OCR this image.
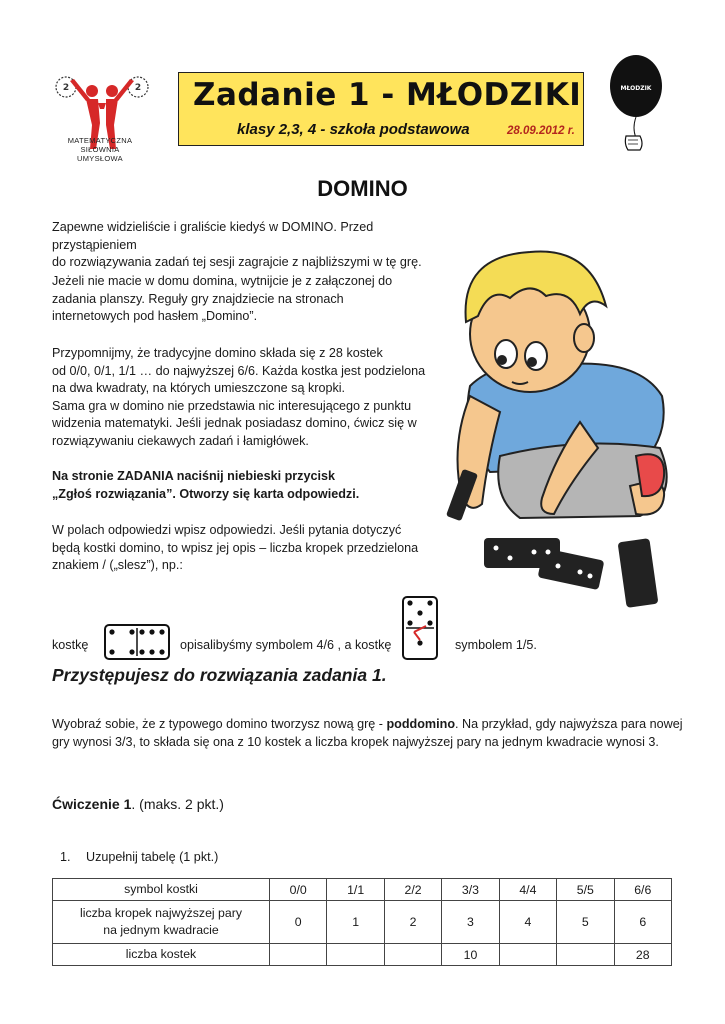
2	2
MATEMATYCZNA
SIŁOWNIA
UMYSŁOWA
Zadanie 1 - MŁODZIKI
klasy 2,3, 4 - szkoła podstawowa	28.09.2012 r.
MŁODZIK
DOMINO

Zapewne widzieliście i graliście kiedyś w DOMINO. Przed przystąpieniem

do rozwiązywania zadań tej sesji zagrajcie z najbliższymi w tę grę.

Jeżeli nie macie w domu domina, wytnijcie je z załączonej do

zadania planszy. Reguły gry znajdziecie na stronach

internetowych pod hasłem „Domino”.

Przypomnijmy, że tradycyjne domino składa się z 28 kostek

od 0/0, 0/1, 1/1 … do najwyższej 6/6. Każda kostka jest podzielona

na dwa kwadraty, na których umieszczone są kropki.

Sama gra w domino nie przedstawia nic interesującego z punktu

widzenia matematyki. Jeśli jednak posiadasz domino, ćwicz się w

rozwiązywaniu ciekawych zadań i łamigłówek.

Na stronie ZADANIA naciśnij niebieski przycisk

„Zgłoś rozwiązania”. Otworzy się karta odpowiedzi.

W polach odpowiedzi wpisz odpowiedzi. Jeśli pytania dotyczyć

będą kostki domino, to wpisz jej opis – liczba kropek przedzielona

znakiem / („slesz”), np.:

kostkę	opisalibyśmy symbolem 4/6 , a kostkę	symbolem 1/5.
Przystępujesz do rozwiązania zadania 1.
Wyobraź sobie, że z typowego domino tworzysz nową grę - poddomino. Na przykład, gdy najwyższa para nowej gry wynosi 3/3, to składa się ona z 10 kostek a liczba kropek najwyższej pary na jednym kwadracie wynosi 3.
Ćwiczenie 1. (maks. 2 pkt.)
1. Uzupełnij tabelę (1 pkt.)
symbol kostki	0/0	1/1	2/2	3/3	4/4	5/5	6/6
liczba kropek najwyższej pary
na jednym kwadracie	0	1	2	3	4	5	6
liczba kostek				10			28
